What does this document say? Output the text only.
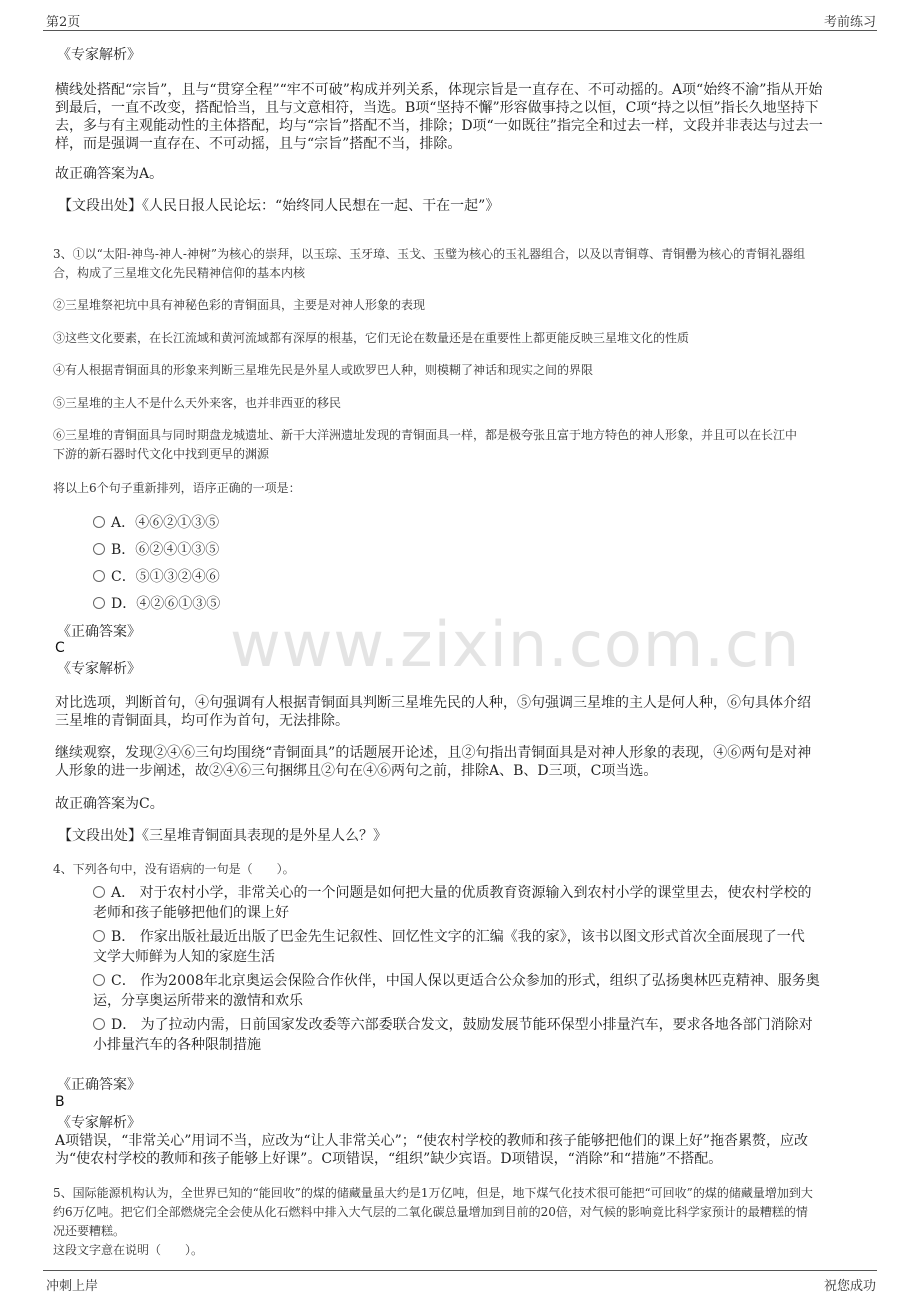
第2页	考前练习
www.zixin.com.cn
《专家解析》

横线处搭配“宗旨”，且与“贯穿全程”“牢不可破”构成并列关系，体现宗旨是一直存在、不可动摇的。A项“始终不渝”指从开始

到最后，一直不改变，搭配恰当，且与文意相符，当选。B项“坚持不懈”形容做事持之以恒，C项“持之以恒”指长久地坚持下

去，多与有主观能动性的主体搭配，均与“宗旨”搭配不当，排除；D项“一如既往”指完全和过去一样，文段并非表达与过去一

样，而是强调一直存在、不可动摇，且与“宗旨”搭配不当，排除。

故正确答案为A。
【文段出处】《人民日报人民论坛：“始终同人民想在一起、干在一起”》

3、①以“太阳-神鸟-神人-神树”为核心的崇拜，以玉琮、玉牙璋、玉戈、玉璧为核心的玉礼器组合，以及以青铜尊、青铜罍为核心的青铜礼器组

合，构成了三星堆文化先民精神信仰的基本内核

②三星堆祭祀坑中具有神秘色彩的青铜面具，主要是对神人形象的表现
③这些文化要素，在长江流域和黄河流域都有深厚的根基，它们无论在数量还是在重要性上都更能反映三星堆文化的性质
④有人根据青铜面具的形象来判断三星堆先民是外星人或欧罗巴人种，则模糊了神话和现实之间的界限
⑤三星堆的主人不是什么天外来客，也并非西亚的移民

⑥三星堆的青铜面具与同时期盘龙城遗址、新干大洋洲遗址发现的青铜面具一样，都是极夸张且富于地方特色的神人形象，并且可以在长江中

下游的新石器时代文化中找到更早的渊源

将以上6个句子重新排列，语序正确的一项是：
A．④⑥②①③⑤
B．⑥②④①③⑤
C．⑤①③②④⑥
D．④②⑥①③⑤
《正确答案》
C
《专家解析》

对比选项，判断首句，④句强调有人根据青铜面具判断三星堆先民的人种，⑤句强调三星堆的主人是何人种，⑥句具体介绍

三星堆的青铜面具，均可作为首句，无法排除。

继续观察，发现②④⑥三句均围绕“青铜面具”的话题展开论述，且②句指出青铜面具是对神人形象的表现，④⑥两句是对神

人形象的进一步阐述，故②④⑥三句捆绑且②句在④⑥两句之前，排除A、B、D三项，C项当选。

故正确答案为C。
【文段出处】《三星堆青铜面具表现的是外星人么？》
4、下列各句中，没有语病的一句是（　　）。

A． 对于农村小学，非常关心的一个问题是如何把大量的优质教育资源输入到农村小学的课堂里去，使农村学校的

老师和孩子能够把他们的课上好

B． 作家出版社最近出版了巴金先生记叙性、回忆性文字的汇编《我的家》，该书以图文形式首次全面展现了一代

文学大师鲜为人知的家庭生活

C． 作为2008年北京奥运会保险合作伙伴，中国人保以更适合公众参加的形式，组织了弘扬奥林匹克精神、服务奥

运，分享奥运所带来的激情和欢乐

D． 为了拉动内需，日前国家发改委等六部委联合发文，鼓励发展节能环保型小排量汽车，要求各地各部门消除对

小排量汽车的各种限制措施

《正确答案》
B
《专家解析》

A项错误，“非常关心”用词不当，应改为“让人非常关心”；“使农村学校的教师和孩子能够把他们的课上好”拖沓累赘，应改

为“使农村学校的教师和孩子能够上好课”。C项错误，“组织”缺少宾语。D项错误，“消除”和“措施”不搭配。

5、国际能源机构认为，全世界已知的“能回收”的煤的储藏量虽大约是1万亿吨，但是，地下煤气化技术很可能把“可回收”的煤的储藏量增加到大

约6万亿吨。把它们全部燃烧完全会使从化石燃料中排入大气层的二氧化碳总量增加到目前的20倍，对气候的影响竟比科学家预计的最糟糕的情

况还要糟糕。

这段文字意在说明（　　）。
冲刺上岸	祝您成功
